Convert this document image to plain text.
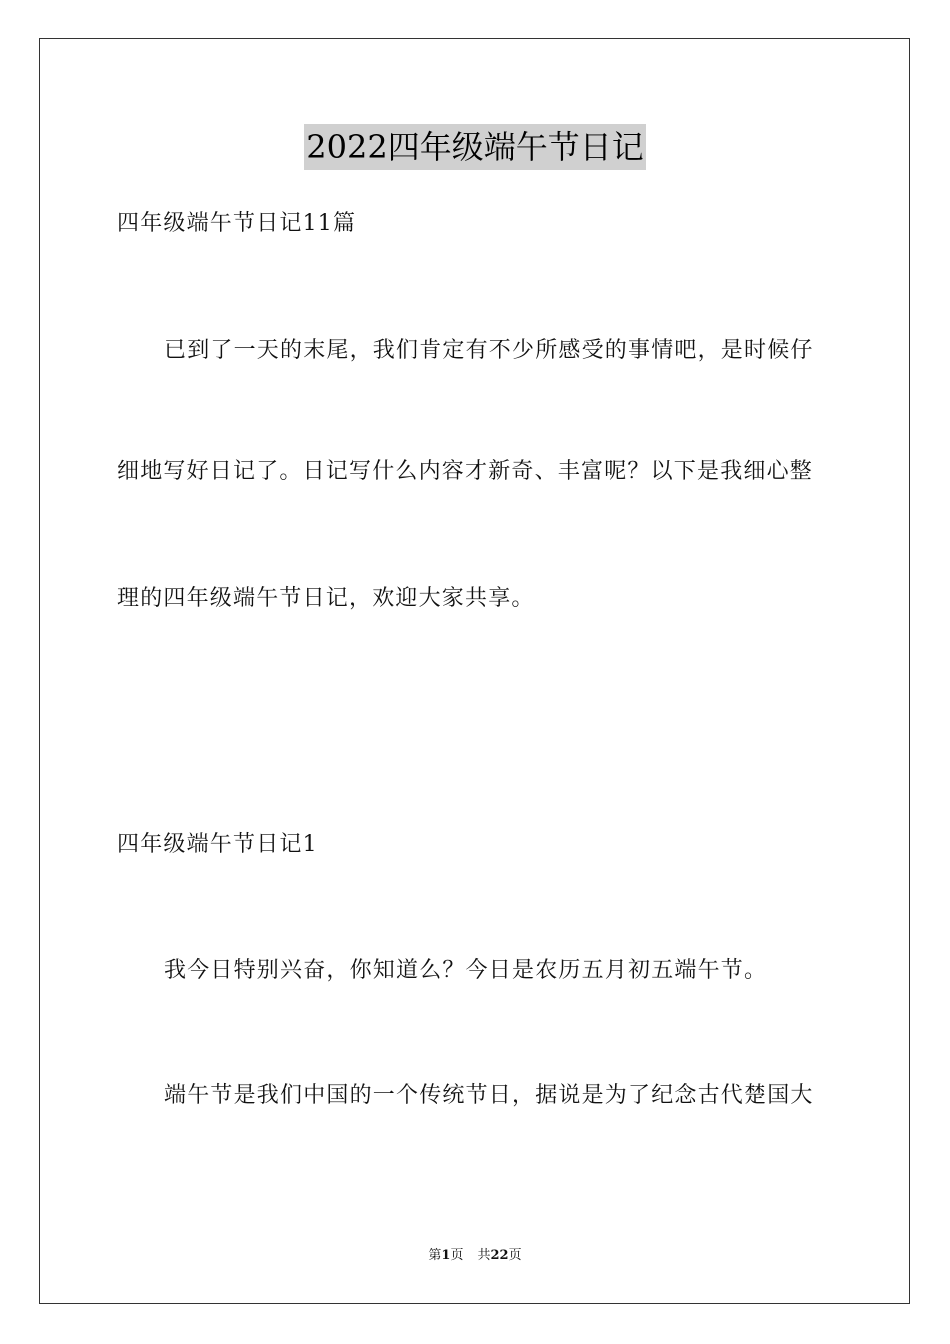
2022四年级端午节日记
四年级端午节日记11篇
已到了一天的末尾，我们肯定有不少所感受的事情吧，是时候仔
细地写好日记了。日记写什么内容才新奇、丰富呢？以下是我细心整
理的四年级端午节日记，欢迎大家共享。
四年级端午节日记1
我今日特别兴奋，你知道么？今日是农历五月初五端午节。
端午节是我们中国的一个传统节日，据说是为了纪念古代楚国大
第1页 共22页
